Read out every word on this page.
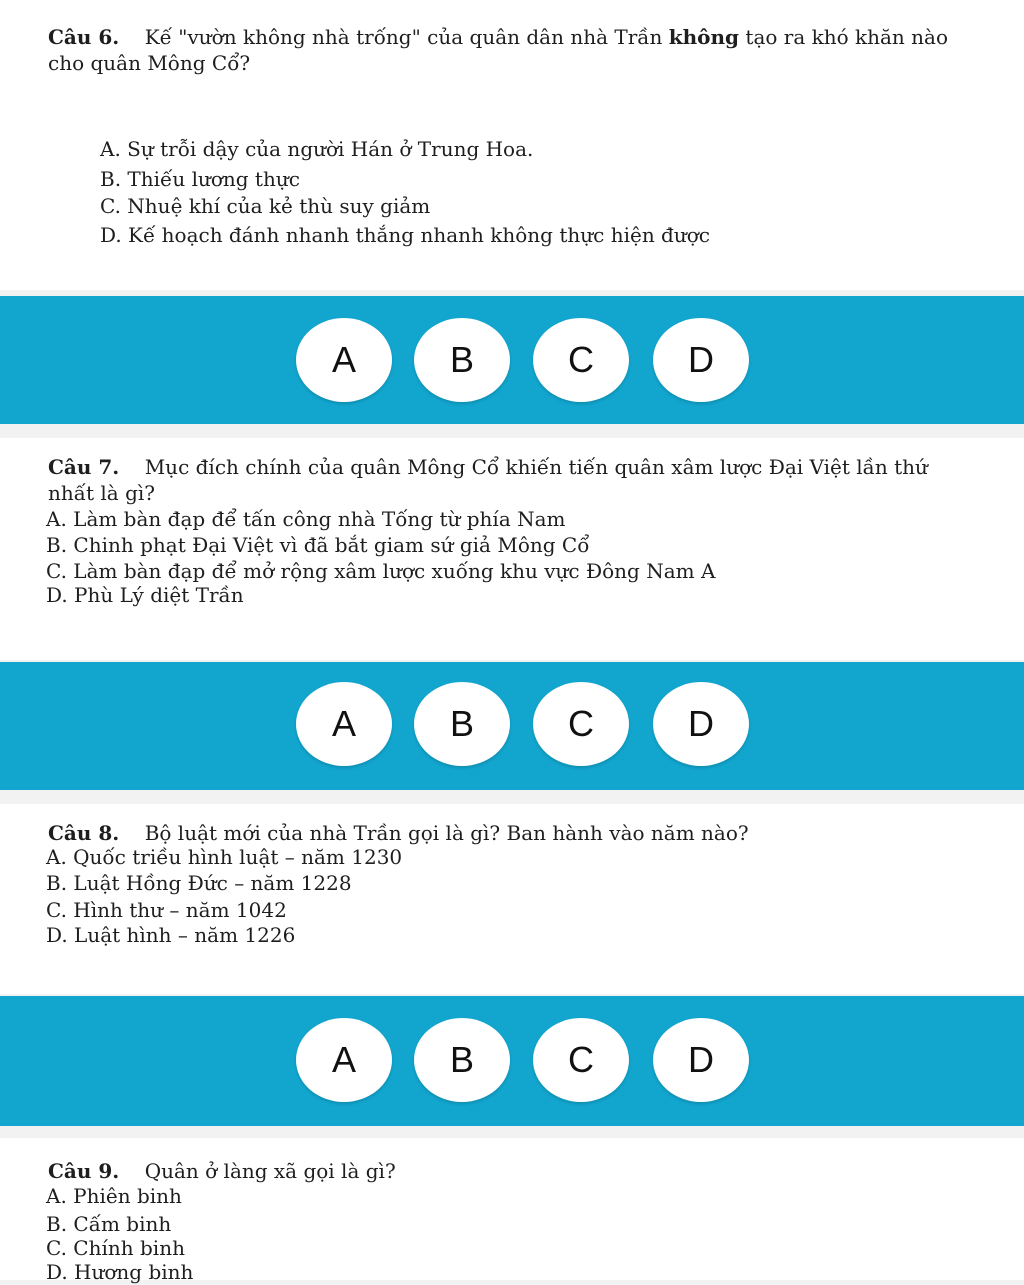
Câu 6. Kế "vườn không nhà trống" của quân dân nhà Trần không tạo ra khó khăn nào cho quân Mông Cổ?
A. Sự trỗi dậy của người Hán ở Trung Hoa.
B. Thiếu lương thực
C. Nhuệ khí của kẻ thù suy giảm
D. Kế hoạch đánh nhanh thắng nhanh không thực hiện được
A	B	C	D
Câu 7. Mục đích chính của quân Mông Cổ khiến tiến quân xâm lược Đại Việt lần thứ nhất là gì?
A. Làm bàn đạp để tấn công nhà Tống từ phía Nam
B. Chinh phạt Đại Việt vì đã bắt giam sứ giả Mông Cổ
C. Làm bàn đạp để mở rộng xâm lược xuống khu vực Đông Nam A
D. Phù Lý diệt Trần
A	B	C	D
Câu 8. Bộ luật mới của nhà Trần gọi là gì? Ban hành vào năm nào?
A. Quốc triều hình luật – năm 1230
B. Luật Hồng Đức – năm 1228
C. Hình thư – năm 1042
D. Luật hình – năm 1226
A	B	C	D
Câu 9. Quân ở làng xã gọi là gì?
A. Phiên binh
B. Cấm binh
C. Chính binh
D. Hương binh
